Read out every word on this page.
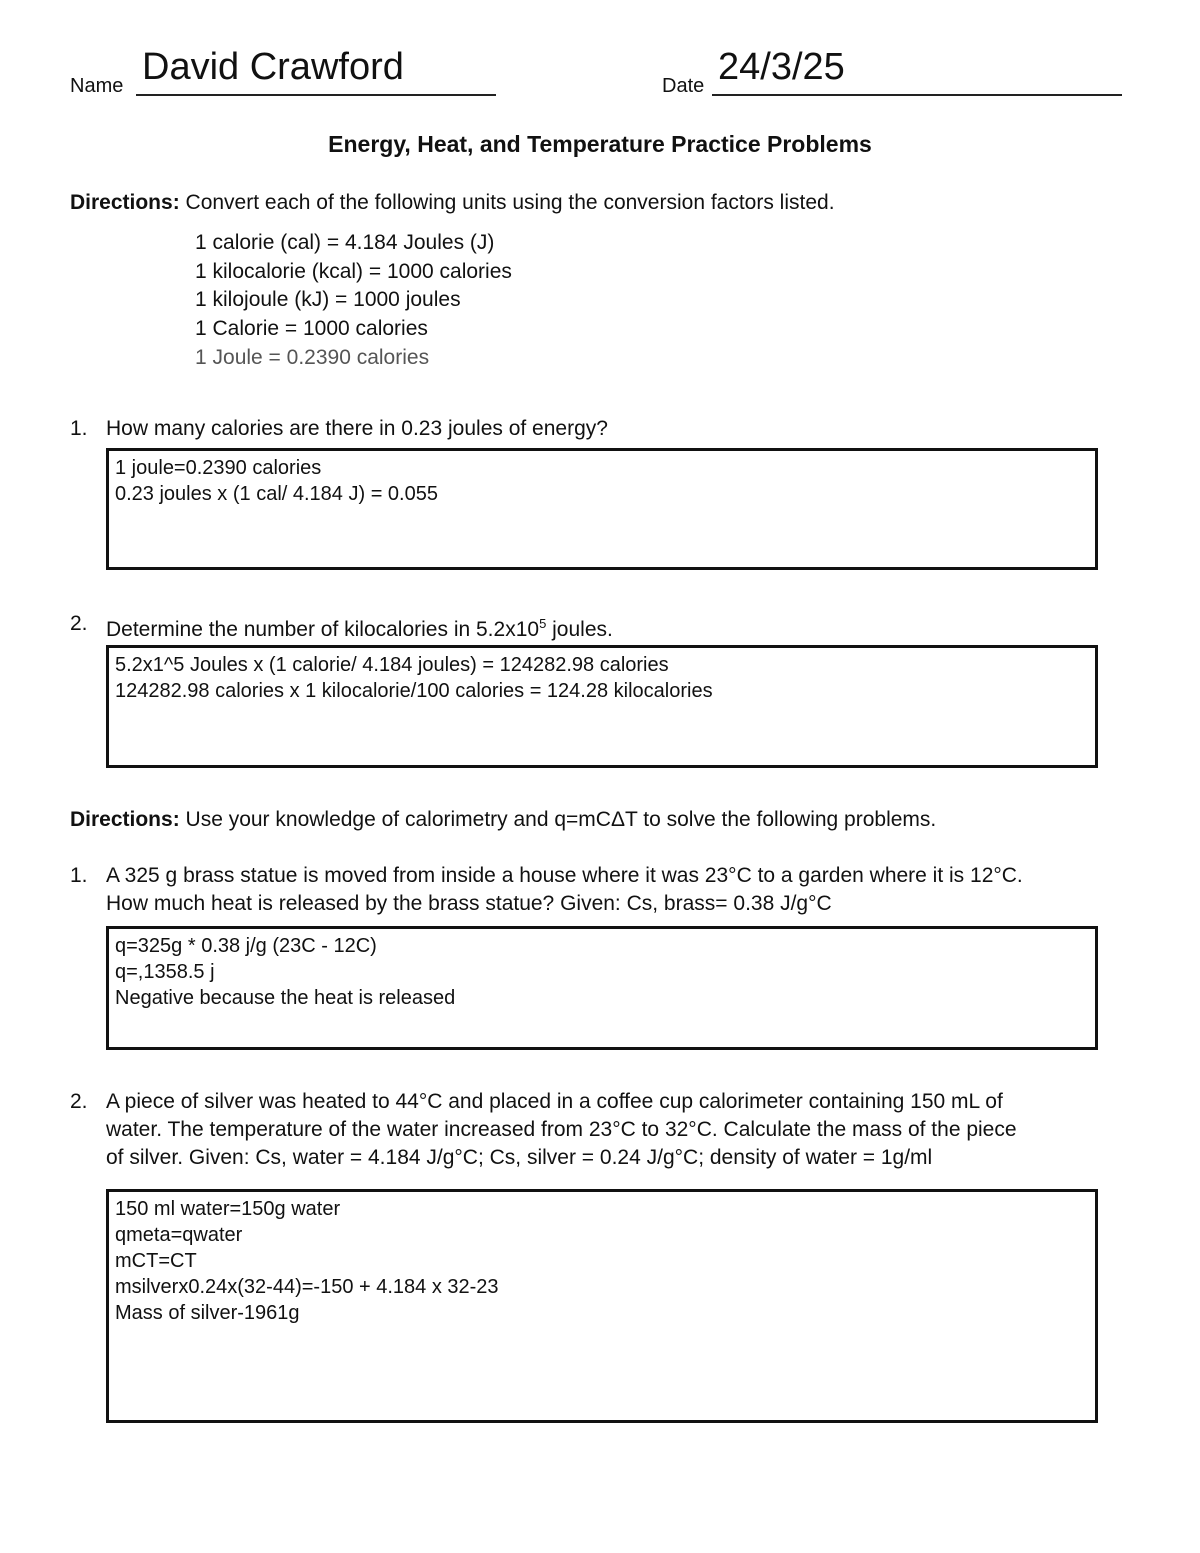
Name David Crawford	Date 24/3/25
Energy, Heat, and Temperature Practice Problems
Directions: Convert each of the following units using the conversion factors listed.
1 calorie (cal) = 4.184 Joules (J)
1 kilocalorie (kcal) = 1000 calories
1 kilojoule (kJ) = 1000 joules
1 Calorie = 1000 calories
1 Joule = 0.2390 calories
1. How many calories are there in 0.23 joules of energy?
1 joule=0.2390 calories
0.23 joules x (1 cal/ 4.184 J) = 0.055
2. Determine the number of kilocalories in $5.2x10^5$ joules.
5.2x1^5 Joules x (1 calorie/ 4.184 joules) = 124282.98 calories
124282.98 calories x 1 kilocalorie/100 calories = 124.28 kilocalories
Directions: Use your knowledge of calorimetry and q=mCΔT to solve the following problems.
1. A 325 g brass statue is moved from inside a house where it was 23°C to a garden where it is 12°C.
How much heat is released by the brass statue? Given: Cs, brass= 0.38 J/g°C
q=325g * 0.38 j/g (23C - 12C)
q=,1358.5 j
Negative because the heat is released
2. A piece of silver was heated to 44°C and placed in a coffee cup calorimeter containing 150 mL of
water. The temperature of the water increased from 23°C to 32°C. Calculate the mass of the piece
of silver. Given: Cs, water = 4.184 J/g°C; Cs, silver = 0.24 J/g°C; density of water = 1g/ml
150 ml water=150g water
qmeta=qwater
mCT=CT
msilverx0.24x(32-44)=-150 + 4.184 x 32-23
Mass of silver-1961g
